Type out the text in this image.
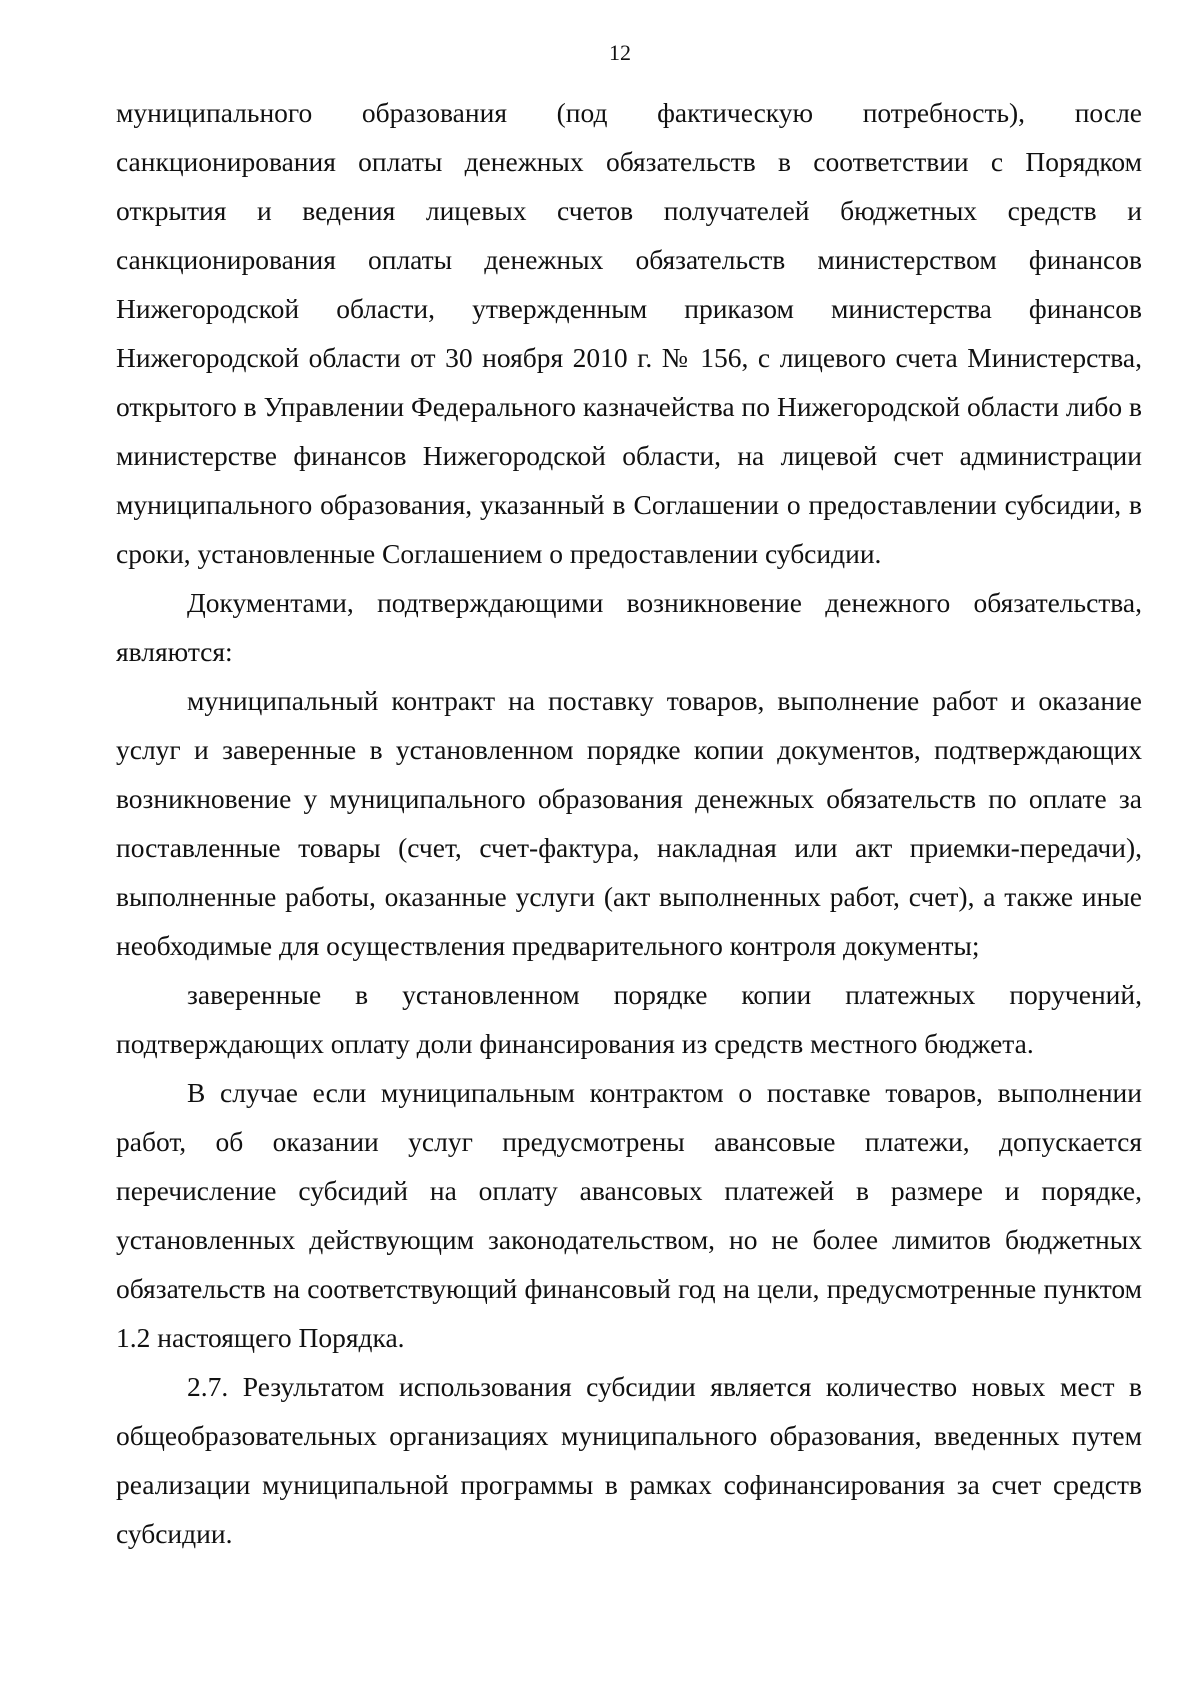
12

муниципального образования (под фактическую потребность), после санкционирования оплаты денежных обязательств в соответствии с Порядком открытия и ведения лицевых счетов получателей бюджетных средств и санкционирования оплаты денежных обязательств министерством финансов Нижегородской области, утвержденным приказом министерства финансов Нижегородской области от 30 ноября 2010 г. № 156, с лицевого счета Министерства, открытого в Управлении Федерального казначейства по Нижегородской области либо в министерстве финансов Нижегородской области, на лицевой счет администрации муниципального образования, указанный в Соглашении о предоставлении субсидии, в сроки, установленные Соглашением о предоставлении субсидии.

Документами, подтверждающими возникновение денежного обязательства, являются:

муниципальный контракт на поставку товаров, выполнение работ и оказание услуг и заверенные в установленном порядке копии документов, подтверждающих возникновение у муниципального образования денежных обязательств по оплате за поставленные товары (счет, счет-фактура, накладная или акт приемки-передачи), выполненные работы, оказанные услуги (акт выполненных работ, счет), а также иные необходимые для осуществления предварительного контроля документы;

заверенные в установленном порядке копии платежных поручений, подтверждающих оплату доли финансирования из средств местного бюджета.

В случае если муниципальным контрактом о поставке товаров, выполнении работ, об оказании услуг предусмотрены авансовые платежи, допускается перечисление субсидий на оплату авансовых платежей в размере и порядке, установленных действующим законодательством, но не более лимитов бюджетных обязательств на соответствующий финансовый год на цели, предусмотренные пунктом 1.2 настоящего Порядка.

2.7. Результатом использования субсидии является количество новых мест в общеобразовательных организациях муниципального образования, введенных путем реализации муниципальной программы в рамках софинансирования за счет средств субсидии.
